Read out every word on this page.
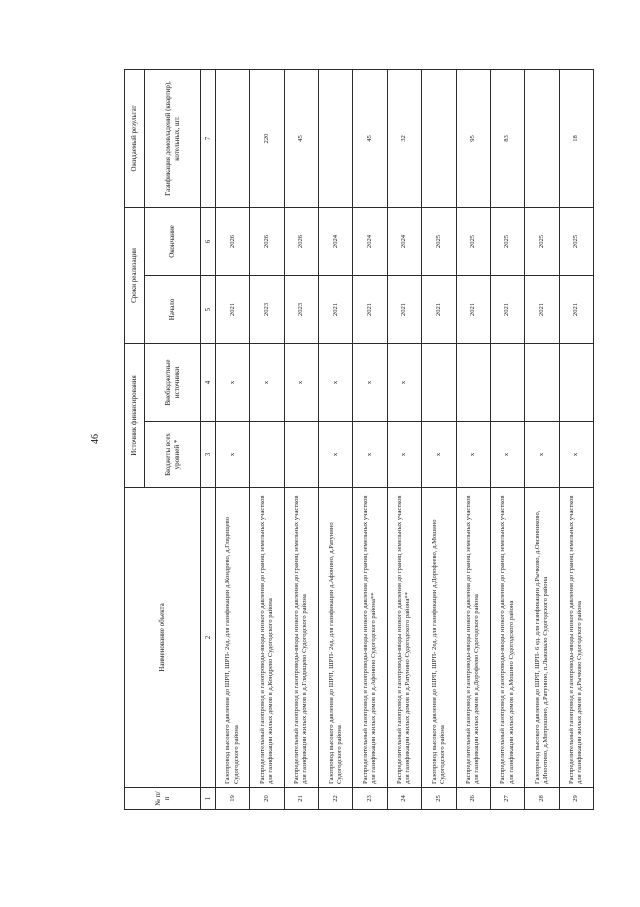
46
№ п/п	Наименование объекта	Источник финансирования		Сроки реализации		Ожидаемый результат
		Бюджеты всех уровней *	Внебюджетные источники	Начало	Окончание	Газификация домовладений (квартир), котельных, шт.
1	2	3	4	5	6	7
19	Газопровод высокого давления до ШРП, ШРП- 2ед. для газификации д.Кондрево, д.Глядищево Судогодского района	x	x	2021	2026	
20	Распределительный газопровод и газопроводы-вводы низкого давления до границ земельных участков для газификации жилых домов в д.Кондрево Судогодского района		x	2023	2026	220
21	Распределительный газопровод и газопроводы-вводы низкого давления до границ земельных участков для газификации жилых домов в д.Глядищево Судогодского района		x	2023	2026	45
22	Газопровод высокого давления до ШРП, ШРП- 2ед. для газификации д.Афонино, д.Ратунино Судогодского района	x	x	2021	2024	
23	Распределительный газопровод и газопроводы-вводы низкого давления до границ земельных участков для газификации жилых домов в д.Афонино Судогодского района**	x	x	2021	2024	45
24	Распределительный газопровод и газопроводы-вводы низкого давления до границ земельных участков для газификации жилых домов в д.Ратунино Судогодского района**	x	x	2021	2024	32
25	Газопровод высокого давления до ШРП, ШРП- 2ед. для газификации д.Дорофеево, д.Мошино Судогодского района	x		2021	2025	
26	Распределительный газопровод и газопроводы-вводы низкого давления до границ земельных участков для газификации жилых домов в д.Дорофеево Судогодского района	x		2021	2025	95
27	Распределительный газопровод и газопроводы-вводы низкого давления до границ земельных участков для газификации жилых домов в д.Мошино Судогодского района	x		2021	2025	83
28	Газопровод высокого давления до ШРП, ШРП- 6 ед. для газификации д.Рычково, д.Овсянниково, д.Иноотино, д.Митрошино, д.Ратунино, п.Лыковало Судогодского района	x		2021	2025	
29	Распределительный газопровод и газопроводы-вводы низкого давления до границ земельных участков для газификации жилых домов в д.Рычково Судогодского района	x		2021	2025	18
